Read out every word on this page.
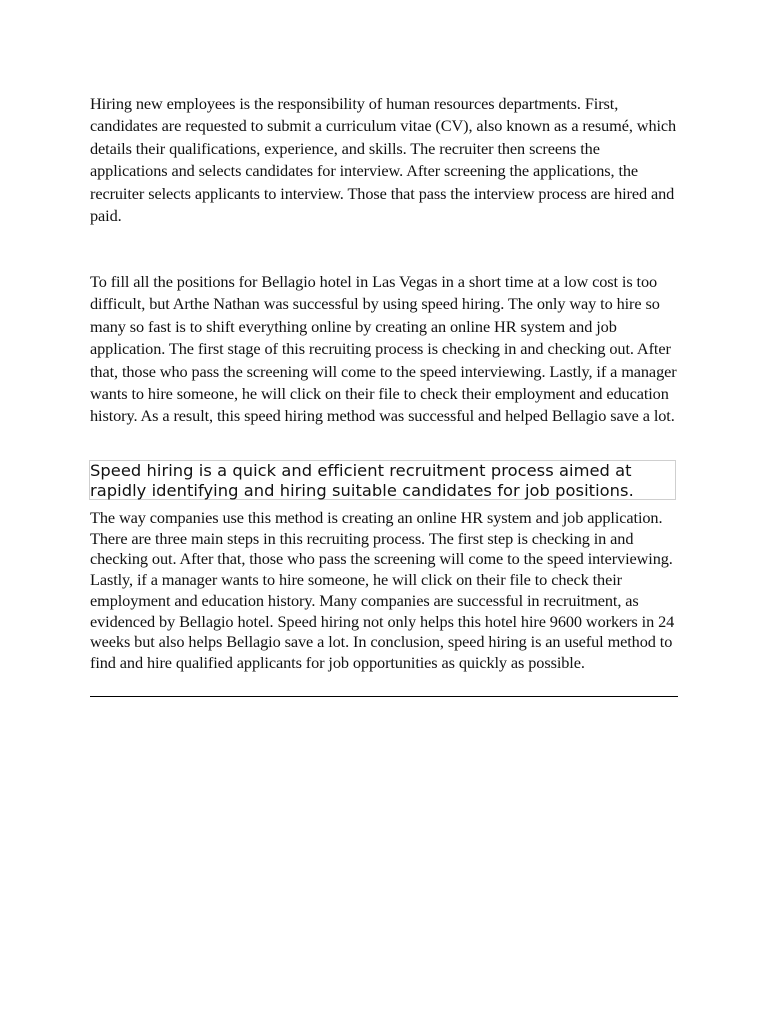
Hiring new employees is the responsibility of human resources departments. First, candidates are requested to submit a curriculum vitae (CV), also known as a resumé, which details their qualifications, experience, and skills. The recruiter then screens the applications and selects candidates for interview. After screening the applications, the recruiter selects applicants to interview. Those that pass the interview process are hired and paid.

To fill all the positions for Bellagio hotel in Las Vegas in a short time at a low cost is too difficult, but Arthe Nathan was successful by using speed hiring. The only way to hire so many so fast is to shift everything online by creating an online HR system and job application. The first stage of this recruiting process is checking in and checking out. After that, those who pass the screening will come to the speed interviewing. Lastly, if a manager wants to hire someone, he will click on their file to check their employment and education history. As a result, this speed hiring method was successful and helped Bellagio save a lot.

Speed hiring is a quick and efficient recruitment process aimed at rapidly identifying and hiring suitable candidates for job positions.

The way companies use this method is creating an online HR system and job application. There are three main steps in this recruiting process. The first step is checking in and checking out. After that, those who pass the screening will come to the speed interviewing. Lastly, if a manager wants to hire someone, he will click on their file to check their employment and education history. Many companies are successful in recruitment, as evidenced by Bellagio hotel. Speed hiring not only helps this hotel hire 9600 workers in 24 weeks but also helps Bellagio save a lot. In conclusion, speed hiring is an useful method to find and hire qualified applicants for job opportunities as quickly as possible.
